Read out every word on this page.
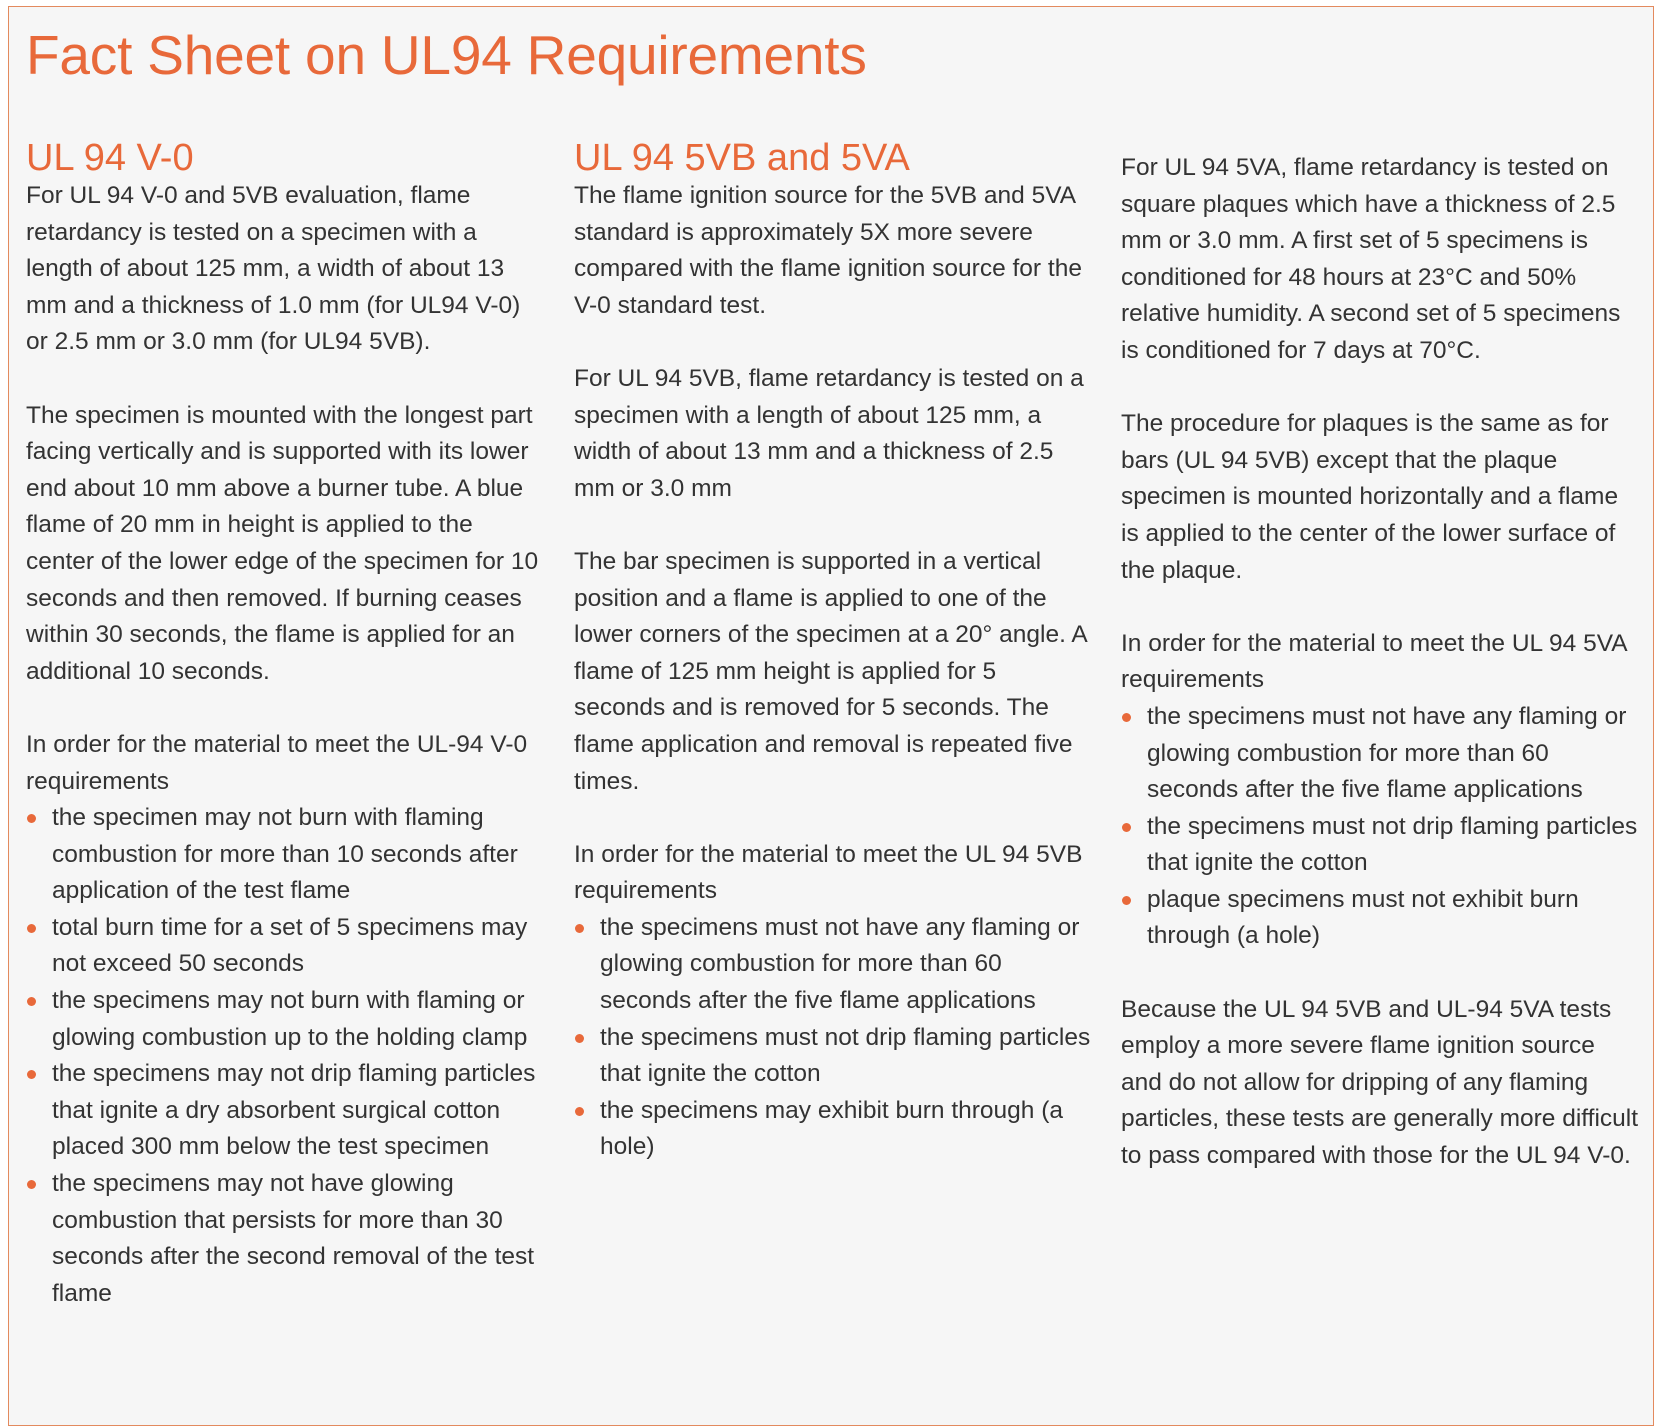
Fact Sheet on UL94 Requirements
UL 94 V-0

For UL 94 V-0 and 5VB evaluation, flame retardancy is tested on a specimen with a length of about 125 mm, a width of about 13 mm and a thickness of 1.0 mm (for UL94 V-0) or 2.5 mm or 3.0 mm (for UL94 5VB).

The specimen is mounted with the longest part facing vertically and is supported with its lower end about 10 mm above a burner tube. A blue flame of 20 mm in height is applied to the center of the lower edge of the specimen for 10 seconds and then removed. If burning ceases within 30 seconds, the flame is applied for an additional 10 seconds.

In order for the material to meet the UL-94 V-0 requirements

the specimen may not burn with flaming combustion for more than 10 seconds after application of the test flame
total burn time for a set of 5 specimens may not exceed 50 seconds
the specimens may not burn with flaming or glowing combustion up to the holding clamp
the specimens may not drip flaming particles that ignite a dry absorbent surgical cotton placed 300 mm below the test specimen
the specimens may not have glowing combustion that persists for more than 30 seconds after the second removal of the test flame
UL 94 5VB and 5VA

The flame ignition source for the 5VB and 5VA standard is approximately 5X more severe compared with the flame ignition source for the V-0 standard test.

For UL 94 5VB, flame retardancy is tested on a specimen with a length of about 125 mm, a width of about 13 mm and a thickness of 2.5 mm or 3.0 mm

The bar specimen is supported in a vertical position and a flame is applied to one of the lower corners of the specimen at a 20° angle. A flame of 125 mm height is applied for 5 seconds and is removed for 5 seconds. The flame application and removal is repeated five times.

In order for the material to meet the UL 94 5VB requirements

the specimens must not have any flaming or glowing combustion for more than 60 seconds after the five flame applications
the specimens must not drip flaming particles that ignite the cotton
the specimens may exhibit burn through (a hole)

For UL 94 5VA, flame retardancy is tested on square plaques which have a thickness of 2.5 mm or 3.0 mm. A first set of 5 specimens is conditioned for 48 hours at 23°C and 50% relative humidity. A second set of 5 specimens is conditioned for 7 days at 70°C.

The procedure for plaques is the same as for bars (UL 94 5VB) except that the plaque specimen is mounted horizontally and a flame is applied to the center of the lower surface of the plaque.

In order for the material to meet the UL 94 5VA requirements

the specimens must not have any flaming or glowing combustion for more than 60 seconds after the five flame applications
the specimens must not drip flaming particles that ignite the cotton
plaque specimens must not exhibit burn through (a hole)

Because the UL 94 5VB and UL-94 5VA tests employ a more severe flame ignition source and do not allow for dripping of any flaming particles, these tests are generally more difficult to pass compared with those for the UL 94 V-0.
